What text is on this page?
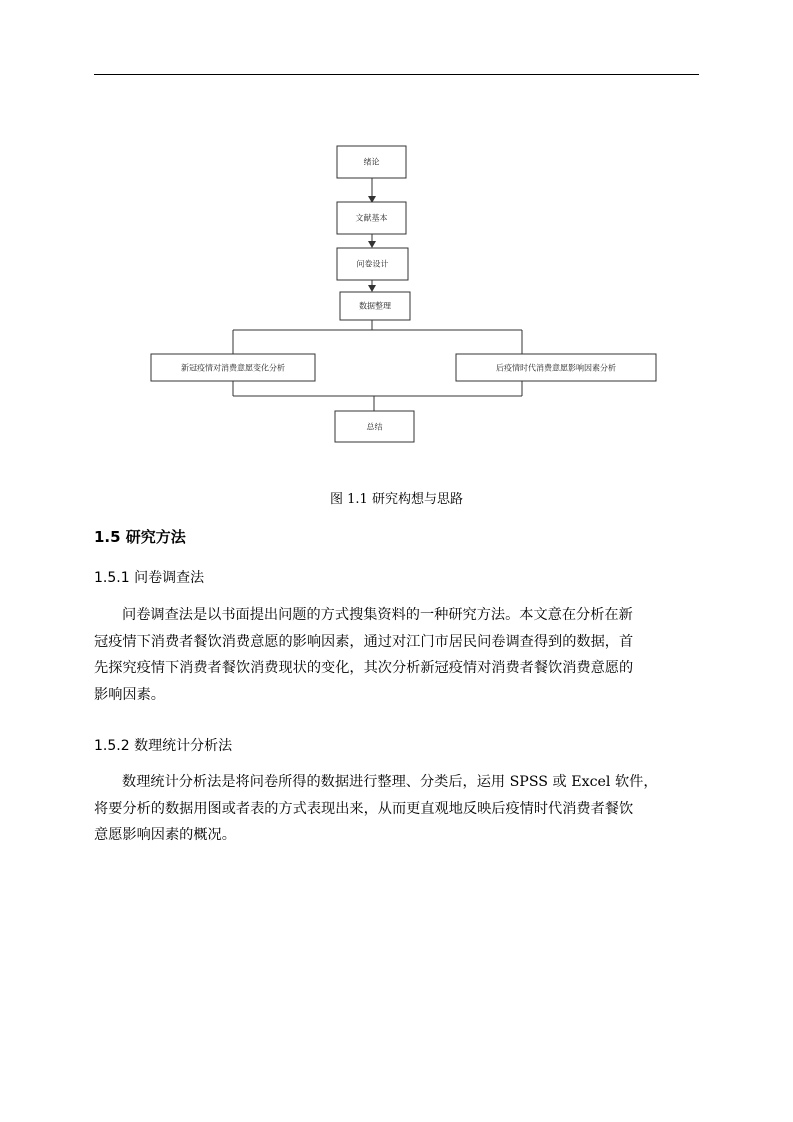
绪论
文献基本
问卷设计
数据整理
新冠疫情对消费意愿变化分析	后疫情时代消费意愿影响因素分析
总结
图 1.1 研究构想与思路
1.5 研究方法
1.5.1 问卷调查法
问卷调查法是以书面提出问题的方式搜集资料的一种研究方法。本文意在分析在新
冠疫情下消费者餐饮消费意愿的影响因素，通过对江门市居民问卷调查得到的数据，首
先探究疫情下消费者餐饮消费现状的变化，其次分析新冠疫情对消费者餐饮消费意愿的
影响因素。
1.5.2 数理统计分析法
数理统计分析法是将问卷所得的数据进行整理、分类后，运用 SPSS 或 Excel 软件，
将要分析的数据用图或者表的方式表现出来，从而更直观地反映后疫情时代消费者餐饮
意愿影响因素的概况。
